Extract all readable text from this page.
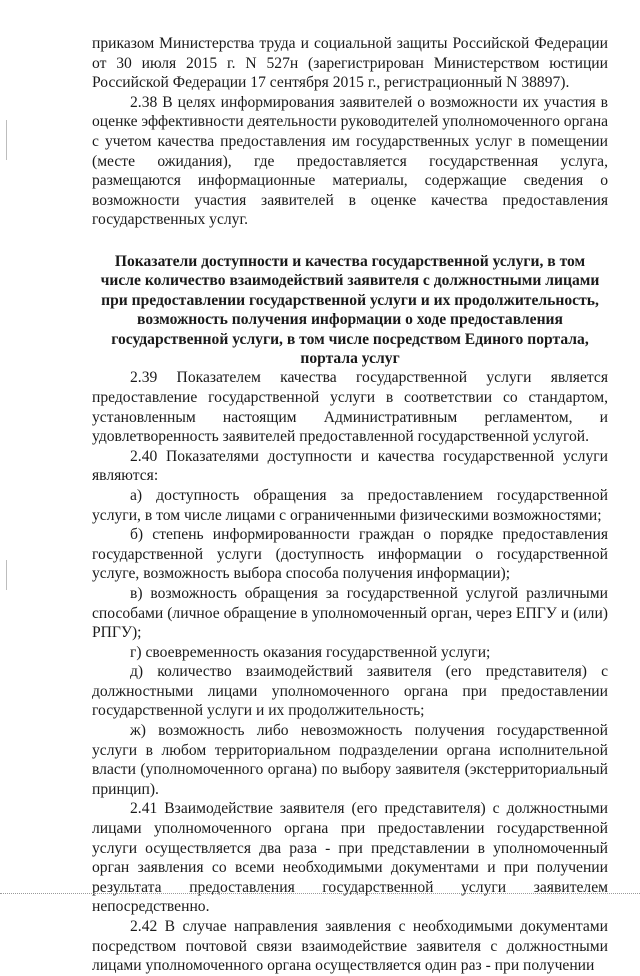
приказом Министерства труда и социальной защиты Российской Федерации от 30 июля 2015 г. N 527н (зарегистрирован Министерством юстиции Российской Федерации 17 сентября 2015 г., регистрационный N 38897).

2.38 В целях информирования заявителей о возможности их участия в оценке эффективности деятельности руководителей уполномоченного органа с учетом качества предоставления им государственных услуг в помещении (месте ожидания), где предоставляется государственная услуга, размещаются информационные материалы, содержащие сведения о возможности участия заявителей в оценке качества предоставления государственных услуг.

Показатели доступности и качества государственной услуги, в том числе количество взаимодействий заявителя с должностными лицами при предоставлении государственной услуги и их продолжительность, возможность получения информации о ходе предоставления государственной услуги, в том числе посредством Единого портала, портала услуг

2.39 Показателем качества государственной услуги является предоставление государственной услуги в соответствии со стандартом, установленным настоящим Административным регламентом, и удовлетворенность заявителей предоставленной государственной услугой.

2.40 Показателями доступности и качества государственной услуги являются:

а) доступность обращения за предоставлением государственной услуги, в том числе лицами с ограниченными физическими возможностями;

б) степень информированности граждан о порядке предоставления государственной услуги (доступность информации о государственной услуге, возможность выбора способа получения информации);

в) возможность обращения за государственной услугой различными способами (личное обращение в уполномоченный орган, через ЕПГУ и (или) РПГУ);

г) своевременность оказания государственной услуги;

д) количество взаимодействий заявителя (его представителя) с должностными лицами уполномоченного органа при предоставлении государственной услуги и их продолжительность;

ж) возможность либо невозможность получения государственной услуги в любом территориальном подразделении органа исполнительной власти (уполномоченного органа) по выбору заявителя (экстерриториальный принцип).

2.41 Взаимодействие заявителя (его представителя) с должностными лицами уполномоченного органа при предоставлении государственной услуги осуществляется два раза - при представлении в уполномоченный орган заявления со всеми необходимыми документами и при получении результата предоставления государственной услуги заявителем непосредственно.

2.42 В случае направления заявления с необходимыми документами посредством почтовой связи взаимодействие заявителя с должностными лицами уполномоченного органа осуществляется один раз - при получении
